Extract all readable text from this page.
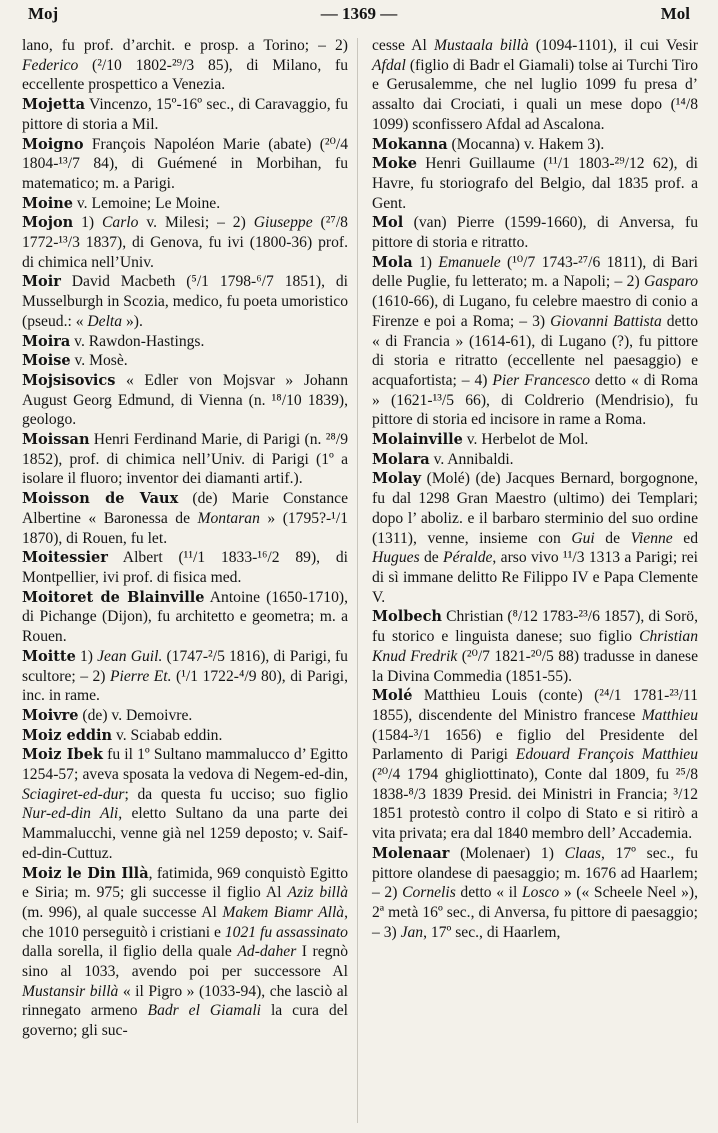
Moj	— 1369 —	Mol

lano, fu prof. d’archit. e prosp. a Torino; – 2) Federico (²/10 1802-²⁹/3 85), di Milano, fu eccellente prospettico a Venezia.

Mojetta Vincenzo, 15º-16º sec., di Caravaggio, fu pittore di storia a Mil.

Moigno François Napoléon Marie (abate) (²⁰/4 1804-¹³/7 84), di Guémené in Morbihan, fu matematico; m. a Parigi.

Moine v. Lemoine; Le Moine.

Mojon 1) Carlo v. Milesi; – 2) Giuseppe (²⁷/8 1772-¹³/3 1837), di Genova, fu ivi (1800-36) prof. di chimica nell’Univ.

Moir David Macbeth (⁵/1 1798-⁶/7 1851), di Musselburgh in Scozia, medico, fu poeta umoristico (pseud.: « Delta »).

Moira v. Rawdon-Hastings.

Moise v. Mosè.

Mojsisovics « Edler von Mojsvar » Johann August Georg Edmund, di Vienna (n. ¹⁸/10 1839), geologo.

Moissan Henri Ferdinand Marie, di Parigi (n. ²⁸/9 1852), prof. di chimica nell’Univ. di Parigi (1º a isolare il fluoro; inventor dei diamanti artif.).

Moisson de Vaux (de) Marie Constance Albertine « Baronessa de Montaran » (1795?-¹/1 1870), di Rouen, fu let.

Moitessier Albert (¹¹/1 1833-¹⁶/2 89), di Montpellier, ivi prof. di fisica med.

Moitoret de Blainville Antoine (1650-1710), di Pichange (Dijon), fu architetto e geometra; m. a Rouen.

Moitte 1) Jean Guil. (1747-²/5 1816), di Parigi, fu scultore; – 2) Pierre Et. (¹/1 1722-⁴/9 80), di Parigi, inc. in rame.

Moivre (de) v. Demoivre.

Moiz eddin v. Sciabab eddin.

Moiz Ibek fu il 1º Sultano mammalucco d’ Egitto 1254-57; aveva sposata la vedova di Negem-ed-din, Sciagiret-ed-dur; da questa fu ucciso; suo figlio Nur-ed-din Ali, eletto Sultano da una parte dei Mammalucchi, venne già nel 1259 deposto; v. Saif-ed-din-Cuttuz.

Moiz le Din Illà, fatimida, 969 conquistò Egitto e Siria; m. 975; gli successe il figlio Al Aziz billà (m. 996), al quale successe Al Makem Biamr Allà, che 1010 perseguitò i cristiani e 1021 fu assassinato dalla sorella, il figlio della quale Ad-daher I regnò sino al 1033, avendo poi per successore Al Mustansir billà « il Pigro » (1033-94), che lasciò al rinnegato armeno Badr el Giamali la cura del governo; gli suc-

cesse Al Mustaala billà (1094-1101), il cui Vesir Afdal (figlio di Badr el Giamali) tolse ai Turchi Tiro e Gerusalemme, che nel luglio 1099 fu presa d’ assalto dai Crociati, i quali un mese dopo (¹⁴/8 1099) sconfissero Afdal ad Ascalona.

Mokanna (Mocanna) v. Hakem 3).

Moke Henri Guillaume (¹¹/1 1803-²⁹/12 62), di Havre, fu storiografo del Belgio, dal 1835 prof. a Gent.

Mol (van) Pierre (1599-1660), di Anversa, fu pittore di storia e ritratto.

Mola 1) Emanuele (¹⁰/7 1743-²⁷/6 1811), di Bari delle Puglie, fu letterato; m. a Napoli; – 2) Gasparo (1610-66), di Lugano, fu celebre maestro di conio a Firenze e poi a Roma; – 3) Giovanni Battista detto « di Francia » (1614-61), di Lugano (?), fu pittore di storia e ritratto (eccellente nel paesaggio) e acquafortista; – 4) Pier Francesco detto « di Roma » (1621-¹³/5 66), di Coldrerio (Mendrisio), fu pittore di storia ed incisore in rame a Roma.

Molainville v. Herbelot de Mol.

Molara v. Annibaldi.

Molay (Molé) (de) Jacques Bernard, borgognone, fu dal 1298 Gran Maestro (ultimo) dei Templari; dopo l’ aboliz. e il barbaro sterminio del suo ordine (1311), venne, insieme con Gui de Vienne ed Hugues de Péralde, arso vivo ¹¹/3 1313 a Parigi; rei di sì immane delitto Re Filippo IV e Papa Clemente V.

Molbech Christian (⁸/12 1783-²³/6 1857), di Sorö, fu storico e linguista danese; suo figlio Christian Knud Fredrik (²⁰/7 1821-²⁰/5 88) tradusse in danese la Divina Commedia (1851-55).

Molé Matthieu Louis (conte) (²⁴/1 1781-²³/11 1855), discendente del Ministro francese Matthieu (1584-³/1 1656) e figlio del Presidente del Parlamento di Parigi Edouard François Matthieu (²⁰/4 1794 ghigliottinato), Conte dal 1809, fu ²⁵/8 1838-⁸/3 1839 Presid. dei Ministri in Francia; ³/12 1851 protestò contro il colpo di Stato e si ritirò a vita privata; era dal 1840 membro dell’ Accademia.

Molenaar (Molenaer) 1) Claas, 17º sec., fu pittore olandese di paesaggio; m. 1676 ad Haarlem; – 2) Cornelis detto « il Losco » (« Scheele Neel »), 2ª metà 16º sec., di Anversa, fu pittore di paesaggio; – 3) Jan, 17º sec., di Haarlem,
